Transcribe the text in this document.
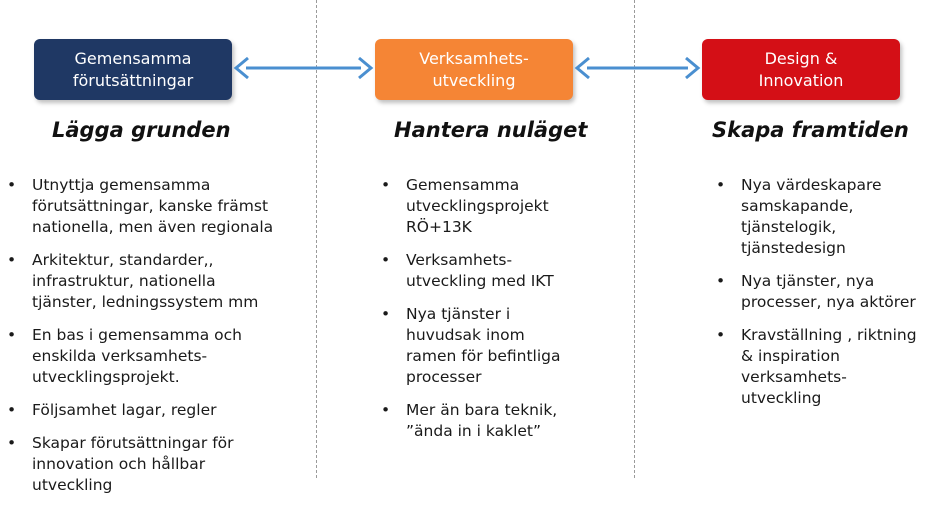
Gemensamma
förutsättningar
Verksamhets-
utveckling
Design &
Innovation
Lägga grunden	Hantera nuläget	Skapa framtiden
• Utnyttja gemensamma
förutsättningar, kanske främst
nationella, men även regionala
• Arkitektur, standarder,,
infrastruktur, nationella
tjänster, ledningssystem mm
• En bas i gemensamma och
enskilda verksamhets-
utvecklingsprojekt.
• Följsamhet lagar, regler
• Skapar förutsättningar för
innovation och hållbar
utveckling
• Gemensamma
utvecklingsprojekt
RÖ+13K
• Verksamhets-
utveckling med IKT
• Nya tjänster i
huvudsak inom
ramen för befintliga
processer
• Mer än bara teknik,
”ända in i kaklet”
• Nya värdeskapare
samskapande,
tjänstelogik,
tjänstedesign
• Nya tjänster, nya
processer, nya aktörer
• Kravställning , riktning
& inspiration
verksamhets-
utveckling
